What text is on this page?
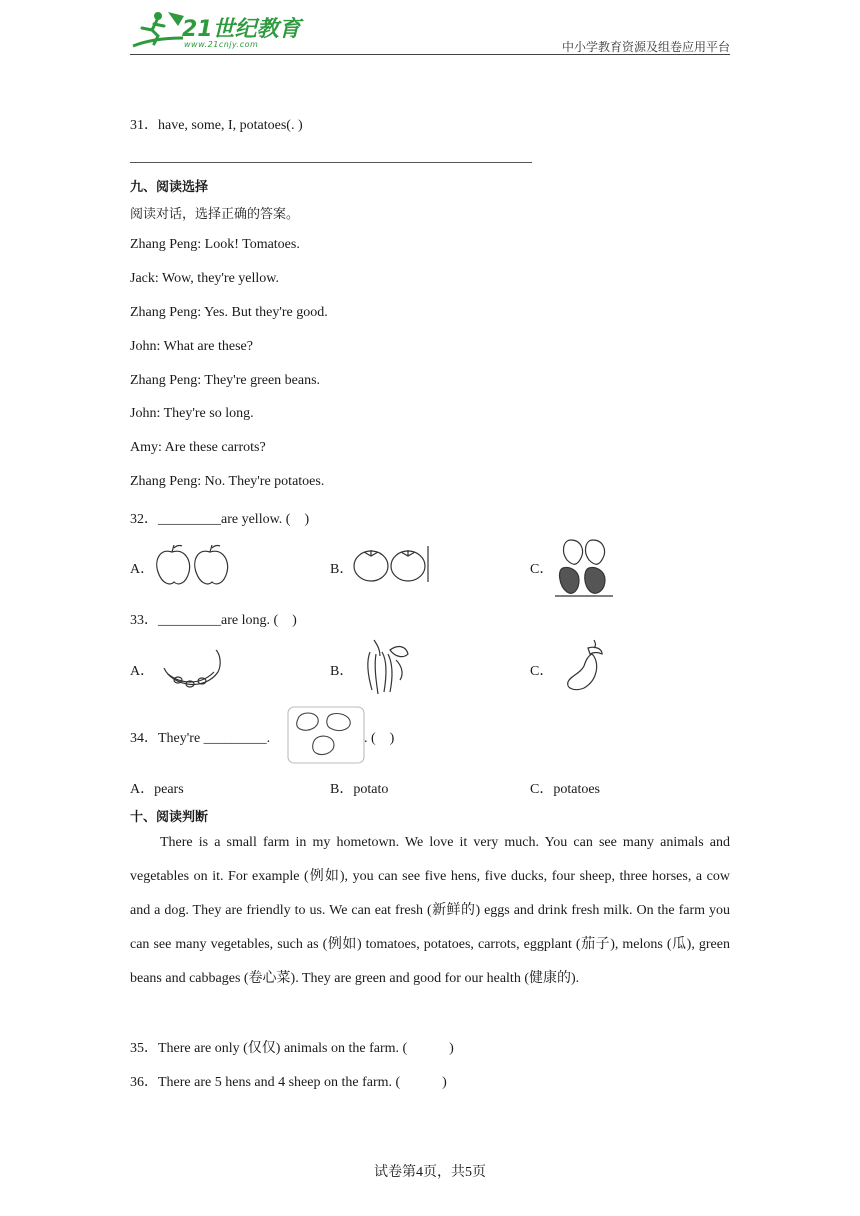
21世纪教育
www.21cnjy.com	中小学教育资源及组卷应用平台
31．have, some, I, potatoes(. )
九、阅读选择
阅读对话，选择正确的答案。
Zhang Peng: Look! Tomatoes.
Jack: Wow, they're yellow.
Zhang Peng: Yes. But they're good.
John: What are these?
Zhang Peng: They're green beans.
John: They're so long.
Amy: Are these carrots?
Zhang Peng: No. They're potatoes.
32．_________are yellow. (　)
A．	B．	C．
33．_________are long. (　)
A．	B．	C．
34．They're _________.	. (　)
A．pears	B．potato	C．potatoes
十、阅读判断
There is a small farm in my hometown. We love it very much. You can see many animals and vegetables on it. For example (例如), you can see five hens, five ducks, four sheep, three horses, a cow and a dog. They are friendly to us. We can eat fresh (新鲜的) eggs and drink fresh milk. On the farm you can see many vegetables, such as (例如) tomatoes, potatoes, carrots, eggplant (茄子), melons (瓜), green beans and cabbages (卷心菜). They are green and good for our health (健康的).
35．There are only (仅仅) animals on the farm. (　　　)
36．There are 5 hens and 4 sheep on the farm. (　　　)
试卷第4页，共5页
